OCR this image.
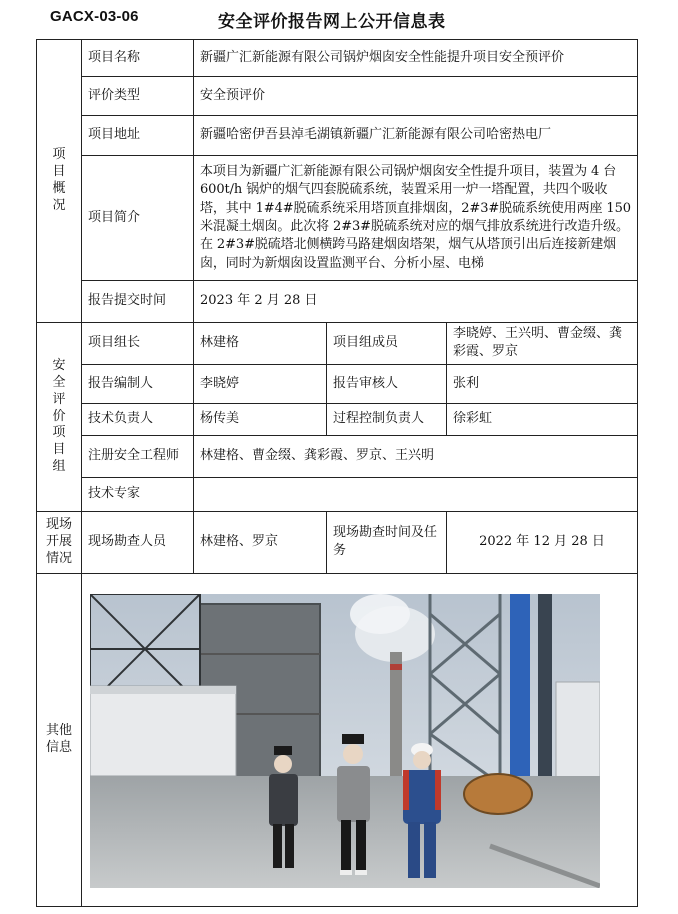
GACX-03-06	安全评价报告网上公开信息表
项目概况	项目名称	新疆广汇新能源有限公司锅炉烟囱安全性能提升项目安全预评价		
	评价类型	安全预评价		
	项目地址	新疆哈密伊吾县淖毛湖镇新疆广汇新能源有限公司哈密热电厂		
	项目简介	本项目为新疆广汇新能源有限公司锅炉烟囱安全性提升项目，装置为 4 台 600t/h 锅炉的烟气四套脱硫系统，装置采用一炉一塔配置，共四个吸收塔，其中 1#4#脱硫系统采用塔顶直排烟囱，2#3#脱硫系统使用两座 150 米混凝土烟囱。此次将 2#3#脱硫系统对应的烟气排放系统进行改造升级。在 2#3#脱硫塔北侧横跨马路建烟囱塔架，烟气从塔顶引出后连接新建烟囱，同时为新烟囱设置监测平台、分析小屋、电梯		
	报告提交时间	2023 年 2 月 28 日		

安全评价项目组	项目组长	林建格	项目组成员	李晓婷、王兴明、曹金缀、龚彩霞、罗京
	报告编制人	李晓婷	报告审核人	张利
	技术负责人	杨传美	过程控制负责人	徐彩虹
	注册安全工程师	林建格、曹金缀、龚彩霞、罗京、王兴明		
	技术专家			

现场开展情况	现场勘查人员	林建格、罗京	现场勘查时间及任务	2022 年 12 月 28 日

其他信息
